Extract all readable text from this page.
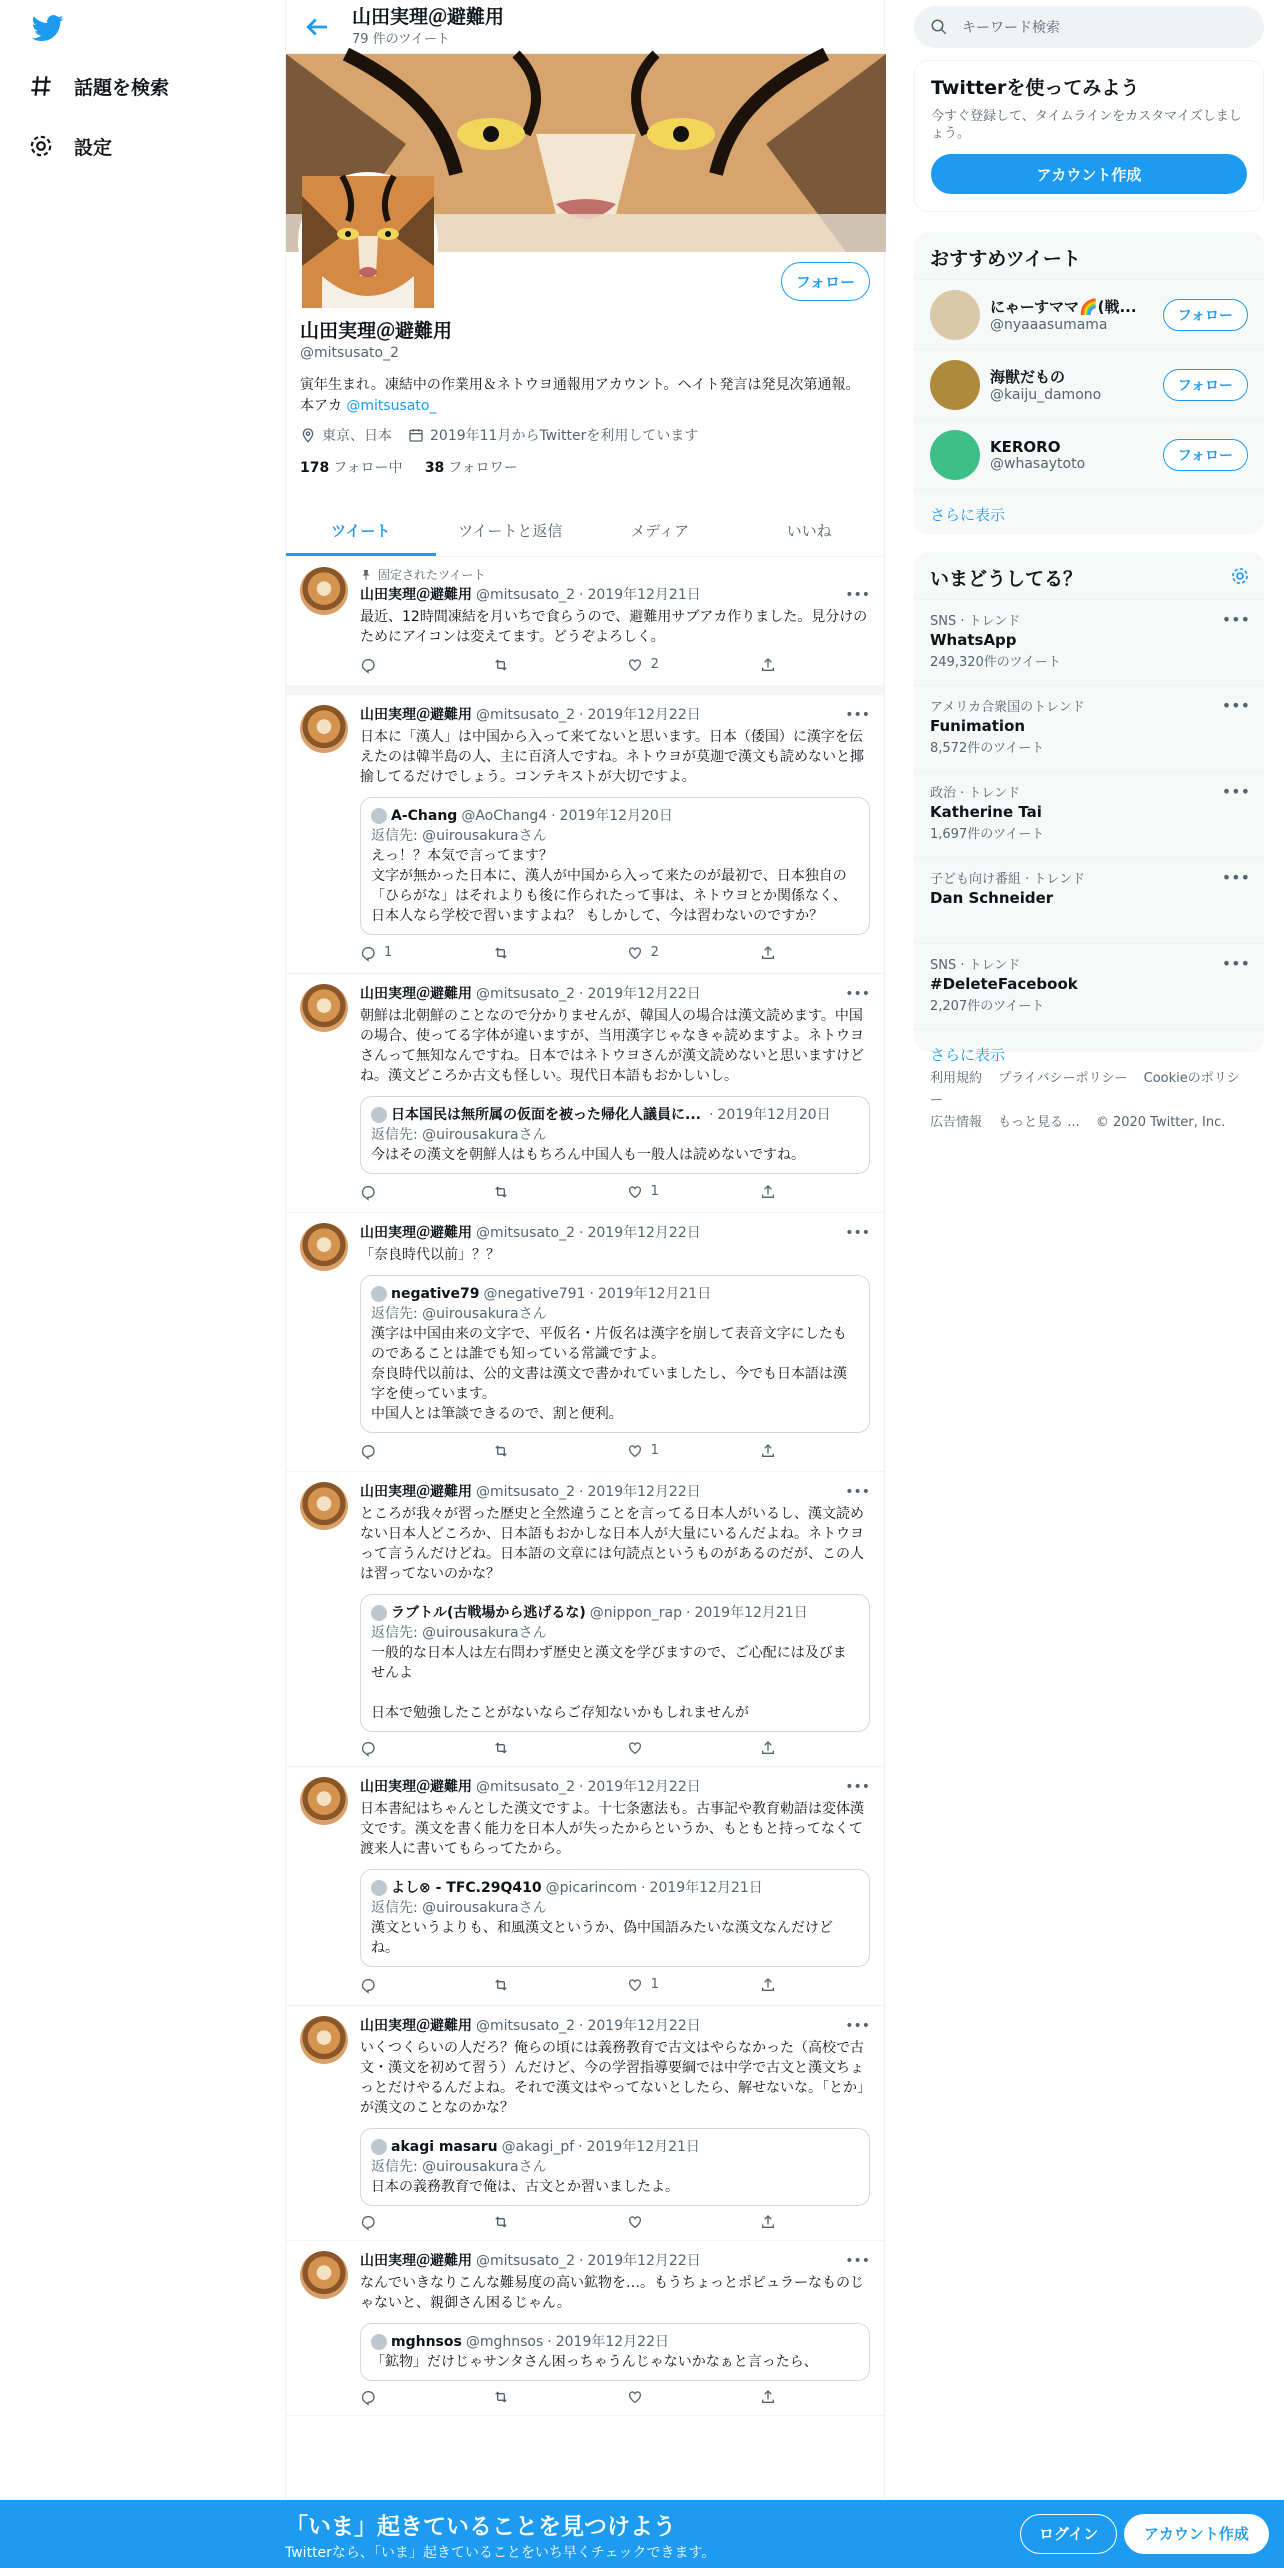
話題を検索
設定
山田実理＠避難用
79 件のツイート
フォロー
山田実理＠避難用
@mitsusato_2
寅年生まれ。凍結中の作業用＆ネトウヨ通報用アカウント。ヘイト発言は発見次第通報。
本アカ @mitsusato_
東京、日本	2019年11月からTwitterを利用しています
178 フォロー中 38 フォロワー
ツイート	ツイートと返信	メディア	いいね
固定されたツイート
山田実理＠避難用 @mitsusato_2 · 2019年12月21日	•••
最近、12時間凍結を月いちで食らうので、避難用サブアカ作りました。見分けのためにアイコンは変えてます。どうぞよろしく。
2
山田実理＠避難用 @mitsusato_2 · 2019年12月22日	•••
日本に「漢人」は中国から入って来てないと思います。日本（倭国）に漢字を伝えたのは韓半島の人、主に百済人ですね。ネトウヨが莫迦で漢文も読めないと揶揄してるだけでしょう。コンテキストが大切ですよ。
A-Chang @AoChang4 · 2019年12月20日
返信先: @uirousakuraさん
えっ！？本気で言ってます？
文字が無かった日本に、漢人が中国から入って来たのが最初で、日本独自の「ひらがな」はそれよりも後に作られたって事は、ネトウヨとか関係なく、日本人なら学校で習いますよね？ もしかして、今は習わないのですか？
1	2
山田実理＠避難用 @mitsusato_2 · 2019年12月22日	•••
朝鮮は北朝鮮のことなので分かりませんが、韓国人の場合は漢文読めます。中国の場合、使ってる字体が違いますが、当用漢字じゃなきゃ読めますよ。ネトウヨさんって無知なんですね。日本ではネトウヨさんが漢文読めないと思いますけどね。漢文どころか古文も怪しい。現代日本語もおかしいし。
日本国民は無所属の仮面を被った帰化人議員に... · 2019年12月20日
返信先: @uirousakuraさん
今はその漢文を朝鮮人はもちろん中国人も一般人は読めないですね。
1
山田実理＠避難用 @mitsusato_2 · 2019年12月22日	•••
「奈良時代以前」？？
negative79 @negative791 · 2019年12月21日
返信先: @uirousakuraさん
漢字は中国由来の文字で、平仮名・片仮名は漢字を崩して表音文字にしたものであることは誰でも知っている常識ですよ。
奈良時代以前は、公的文書は漢文で書かれていましたし、今でも日本語は漢字を使っています。
中国人とは筆談できるので、割と便利。
1
山田実理＠避難用 @mitsusato_2 · 2019年12月22日	•••
ところが我々が習った歴史と全然違うことを言ってる日本人がいるし、漢文読めない日本人どころか、日本語もおかしな日本人が大量にいるんだよね。ネトウヨって言うんだけどね。日本語の文章には句読点というものがあるのだが、この人は習ってないのかな？
ラブトル(古戦場から逃げるな) @nippon_rap · 2019年12月21日
返信先: @uirousakuraさん
一般的な日本人は左右問わず歴史と漢文を学びますので、ご心配には及びませんよ

日本で勉強したことがないならご存知ないかもしれませんが
山田実理＠避難用 @mitsusato_2 · 2019年12月22日	•••
日本書紀はちゃんとした漢文ですよ。十七条憲法も。古事記や教育勅語は変体漢文です。漢文を書く能力を日本人が失ったからというか、もともと持ってなくて渡来人に書いてもらってたから。
よし⊗ - TFC.29Q410 @picarincom · 2019年12月21日
返信先: @uirousakuraさん
漢文というよりも、和風漢文というか、偽中国語みたいな漢文なんだけどね。
1
山田実理＠避難用 @mitsusato_2 · 2019年12月22日	•••
いくつくらいの人だろ？俺らの頃には義務教育で古文はやらなかった（高校で古文・漢文を初めて習う）んだけど、今の学習指導要綱では中学で古文と漢文ちょっとだけやるんだよね。それで漢文はやってないとしたら、解せないな。「とか」が漢文のことなのかな？
akagi masaru @akagi_pf · 2019年12月21日
返信先: @uirousakuraさん
日本の義務教育で俺は、古文とか習いましたよ。
山田実理＠避難用 @mitsusato_2 · 2019年12月22日	•••
なんでいきなりこんな難易度の高い鉱物を…。もうちょっとポピュラーなものじゃないと、親御さん困るじゃん。
mghnsos @mghnsos · 2019年12月22日
「鉱物」だけじゃサンタさん困っちゃうんじゃないかなぁと言ったら、
キーワード検索
Twitterを使ってみよう
今すぐ登録して、タイムラインをカスタマイズしましょう。
アカウント作成
おすすめツイート
にゃーすママ🌈(戦...
@nyaaasumama
フォロー
海獣だもの
@kaiju_damono
フォロー
KERORO
@whasaytoto	フォロー
さらに表示
いまどうしてる？
SNS · トレンド
WhatsApp
249,320件のツイート
•••
アメリカ合衆国のトレンド
Funimation
8,572件のツイート
•••
政治 · トレンド
Katherine Tai
1,697件のツイート
•••
子ども向け番組 · トレンド
Dan Schneider
•••
SNS · トレンド
#DeleteFacebook
2,207件のツイート
•••
さらに表示
利用規約 プライバシーポリシー Cookieのポリシー
広告情報 もっと見る ... © 2020 Twitter, Inc.
「いま」起きていることを見つけよう
Twitterなら、「いま」起きていることをいち早くチェックできます。
ログイン	アカウント作成
